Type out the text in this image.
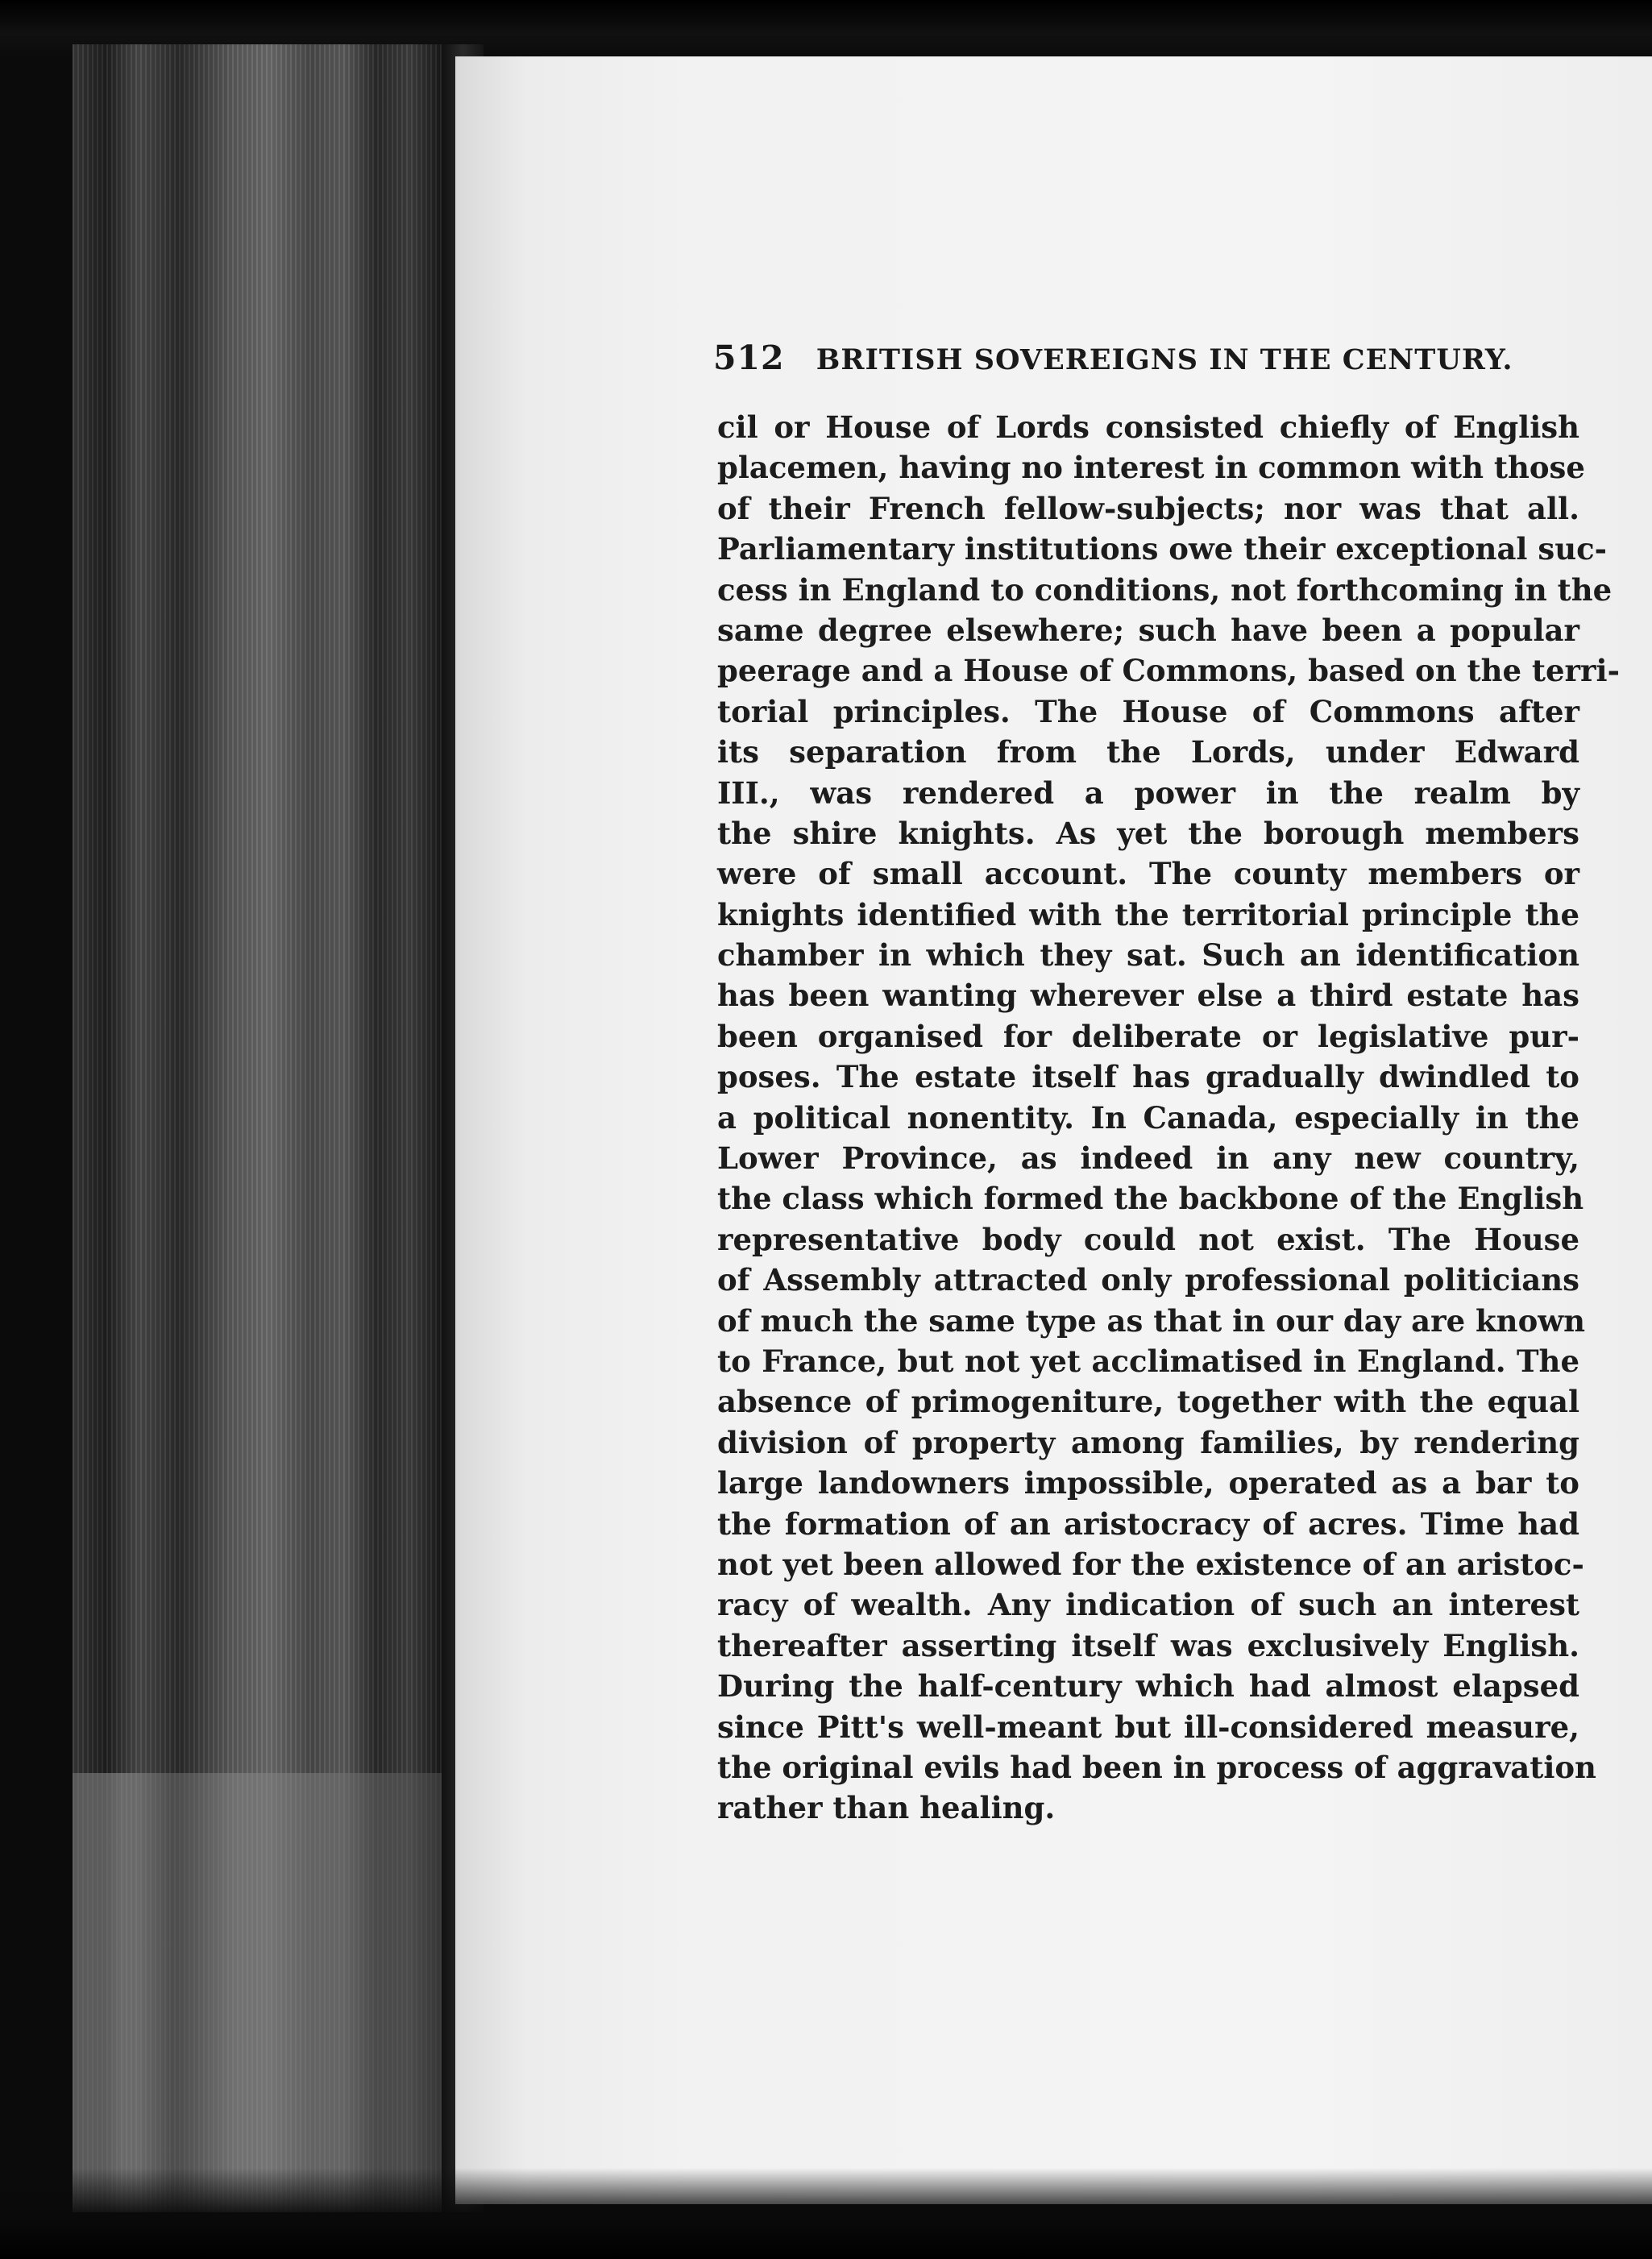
512 BRITISH SOVEREIGNS IN THE CENTURY.
cil or House of Lords consisted chiefly of English
placemen, having no interest in common with those
of their French fellow-subjects; nor was that all.
Parliamentary institutions owe their exceptional suc-
cess in England to conditions, not forthcoming in the
same degree elsewhere; such have been a popular
peerage and a House of Commons, based on the terri-
torial principles. The House of Commons after
its separation from the Lords, under Edward
III., was rendered a power in the realm by
the shire knights. As yet the borough members
were of small account. The county members or
knights identified with the territorial principle the
chamber in which they sat. Such an identification
has been wanting wherever else a third estate has
been organised for deliberate or legislative pur-
poses. The estate itself has gradually dwindled to
a political nonentity. In Canada, especially in the
Lower Province, as indeed in any new country,
the class which formed the backbone of the English
representative body could not exist. The House
of Assembly attracted only professional politicians
of much the same type as that in our day are known
to France, but not yet acclimatised in England. The
absence of primogeniture, together with the equal
division of property among families, by rendering
large landowners impossible, operated as a bar to
the formation of an aristocracy of acres. Time had
not yet been allowed for the existence of an aristoc-
racy of wealth. Any indication of such an interest
thereafter asserting itself was exclusively English.
During the half-century which had almost elapsed
since Pitt's well-meant but ill-considered measure,
the original evils had been in process of aggravation
rather than healing.
